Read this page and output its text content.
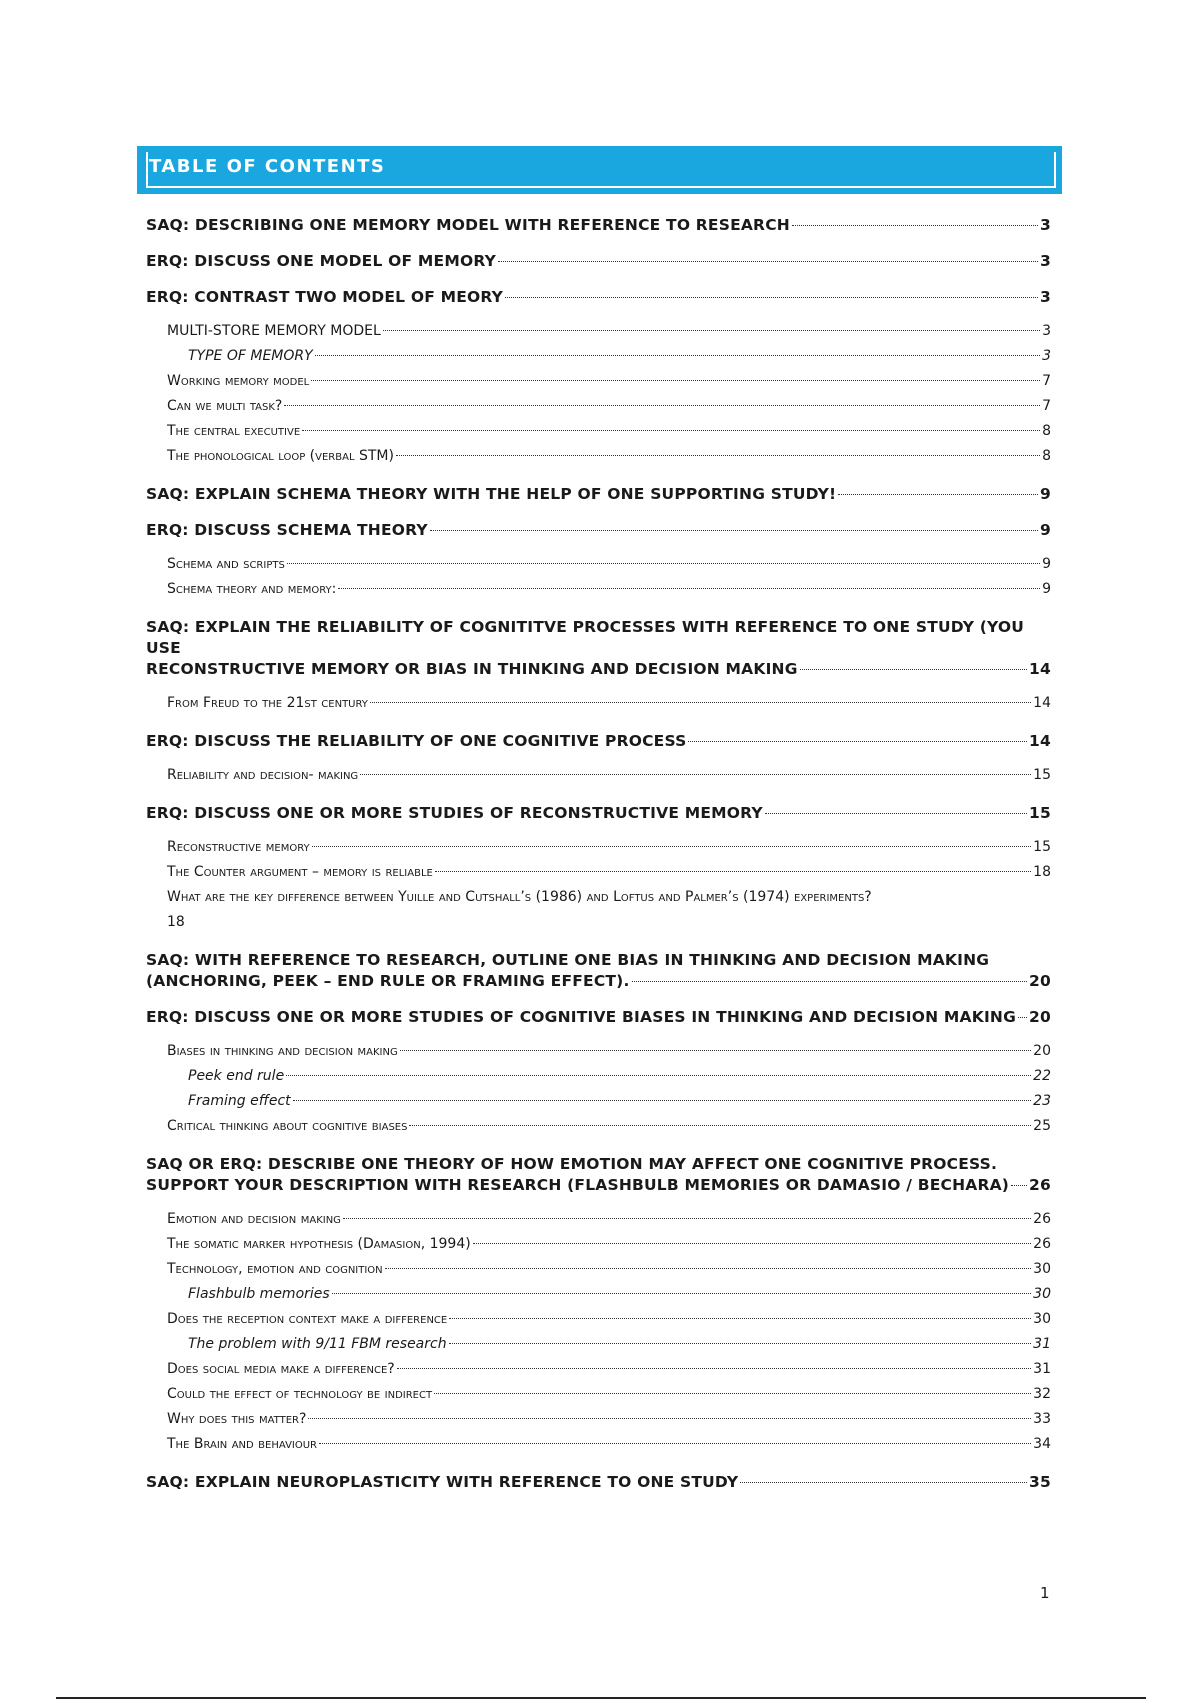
TABLE OF CONTENTS
SAQ: DESCRIBING ONE MEMORY MODEL WITH REFERENCE TO RESEARCH	3
ERQ: DISCUSS ONE MODEL OF MEMORY	3
ERQ: CONTRAST TWO MODEL OF MEORY	3
MULTI-STORE MEMORY MODEL	3
TYPE OF MEMORY	3
Working memory model	7
Can we multi task?	7
The central executive	8
The phonological loop (verbal STM)	8
SAQ: EXPLAIN SCHEMA THEORY WITH THE HELP OF ONE SUPPORTING STUDY!	9
ERQ: DISCUSS SCHEMA THEORY	9
Schema and scripts	9
Schema theory and memory:	9
SAQ: EXPLAIN THE RELIABILITY OF COGNITITVE PROCESSES WITH REFERENCE TO ONE STUDY (YOU USE
RECONSTRUCTIVE MEMORY OR BIAS IN THINKING AND DECISION MAKING	14
From Freud to the 21st century	14
ERQ: DISCUSS THE RELIABILITY OF ONE COGNITIVE PROCESS	14
Reliability and decision- making	15
ERQ: DISCUSS ONE OR MORE STUDIES OF RECONSTRUCTIVE MEMORY	15
Reconstructive memory	15
The Counter argument – memory is reliable	18
What are the key difference between Yuille and Cutshall’s (1986) and Loftus and Palmer’s (1974) experiments?
18
SAQ: WITH REFERENCE TO RESEARCH, OUTLINE ONE BIAS IN THINKING AND DECISION MAKING
(ANCHORING, PEEK – END RULE OR FRAMING EFFECT).	20
ERQ: DISCUSS ONE OR MORE STUDIES OF COGNITIVE BIASES IN THINKING AND DECISION MAKING 20
Biases in thinking and decision making	20
Peek end rule	22
Framing effect	23
Critical thinking about cognitive biases	25
SAQ OR ERQ: DESCRIBE ONE THEORY OF HOW EMOTION MAY AFFECT ONE COGNITIVE PROCESS.
SUPPORT YOUR DESCRIPTION WITH RESEARCH (FLASHBULB MEMORIES OR DAMASIO / BECHARA) 26
Emotion and decision making	26
The somatic marker hypothesis (Damasion, 1994)	26
Technology, emotion and cognition	30
Flashbulb memories	30
Does the reception context make a difference	30
The problem with 9/11 FBM research	31
Does social media make a difference?	31
Could the effect of technology be indirect	32
Why does this matter?	33
The Brain and behaviour	34
SAQ: EXPLAIN NEUROPLASTICITY WITH REFERENCE TO ONE STUDY	35
1
